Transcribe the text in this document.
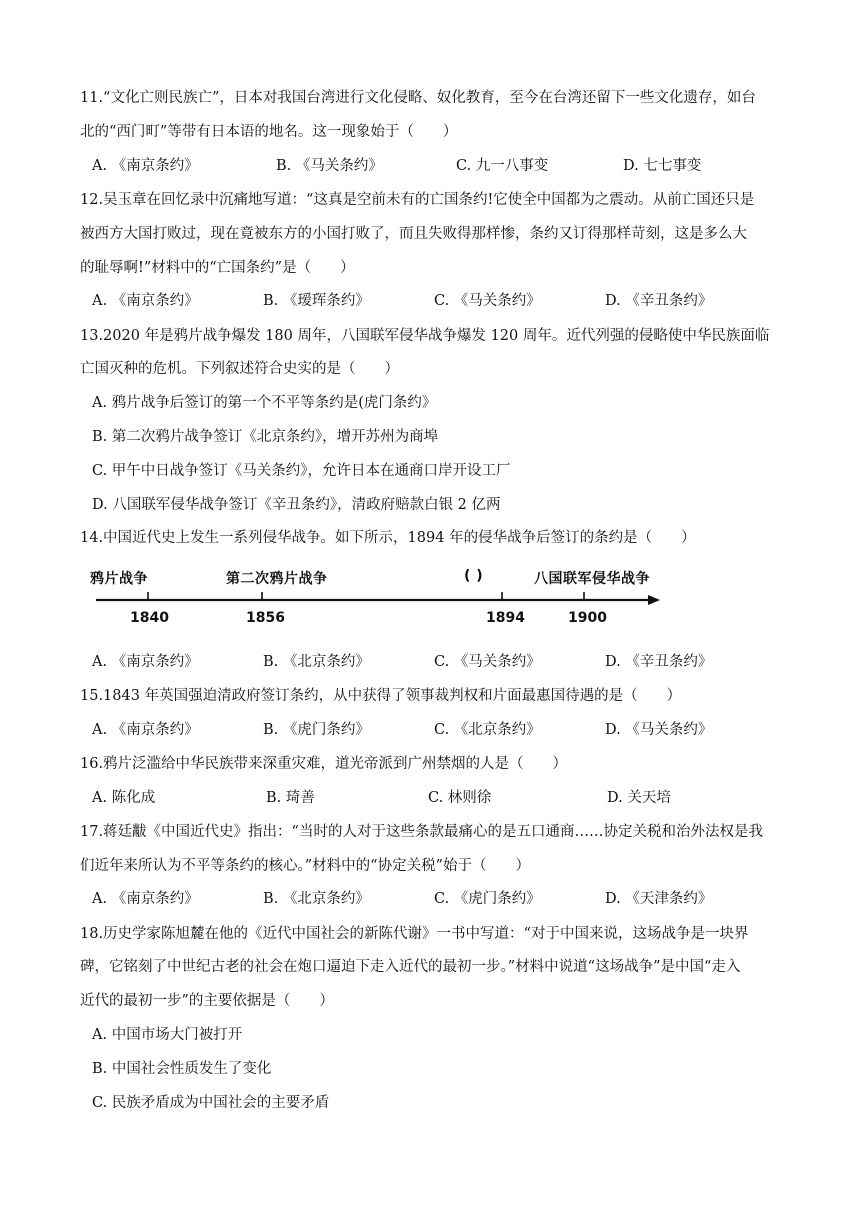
11.“文化亡则民族亡”，日本对我国台湾进行文化侵略、奴化教育，至今在台湾还留下一些文化遗存，如台
北的“西门町”等带有日本语的地名。这一现象始于（　　）
A. 《南京条约》	B. 《马关条约》	C. 九一八事变	D. 七七事变
12.吴玉章在回忆录中沉痛地写道：“这真是空前未有的亡国条约!它使全中国都为之震动。从前亡国还只是
被西方大国打败过，现在竟被东方的小国打败了，而且失败得那样惨，条约又订得那样苛刻，这是多么大
的耻辱啊!”材料中的“亡国条约”是（　　）
A. 《南京条约》	B. 《瑷珲条约》	C. 《马关条约》	D. 《辛丑条约》
13.2020 年是鸦片战争爆发 180 周年，八国联军侵华战争爆发 120 周年。近代列强的侵略使中华民族面临
亡国灭种的危机。下列叙述符合史实的是（　　）
A. 鸦片战争后签订的第一个不平等条约是(虎门条约》
B. 第二次鸦片战争签订《北京条约》，增开苏州为商埠
C. 甲午中日战争签订《马关条约》，允许日本在通商口岸开设工厂
D. 八国联军侵华战争签订《辛丑条约》，清政府赔款白银 2 亿两
14.中国近代史上发生一系列侵华战争。如下所示，1894 年的侵华战争后签订的条约是（　　）
鸦片战争	第二次鸦片战争	( )	八国联军侵华战争
1840	1856	1894	1900
A. 《南京条约》	B. 《北京条约》	C. 《马关条约》	D. 《辛丑条约》
15.1843 年英国强迫清政府签订条约，从中获得了领事裁判权和片面最惠国待遇的是（　　）
A. 《南京条约》	B. 《虎门条约》	C. 《北京条约》	D. 《马关条约》
16.鸦片泛滥给中华民族带来深重灾难，道光帝派到广州禁烟的人是（　　）
A. 陈化成	B. 琦善	C. 林则徐	D. 关天培
17.蒋廷黻《中国近代史》指出：“当时的人对于这些条款最痛心的是五口通商……协定关税和治外法权是我
们近年来所认为不平等条约的核心。”材料中的“协定关税”始于（　　）
A. 《南京条约》	B. 《北京条约》	C. 《虎门条约》	D. 《天津条约》
18.历史学家陈旭麓在他的《近代中国社会的新陈代谢》一书中写道：“对于中国来说，这场战争是一块界
碑，它铭刻了中世纪古老的社会在炮口逼迫下走入近代的最初一步。”材料中说道“这场战争”是中国“走入
近代的最初一步”的主要依据是（　　）
A. 中国市场大门被打开
B. 中国社会性质发生了变化
C. 民族矛盾成为中国社会的主要矛盾
